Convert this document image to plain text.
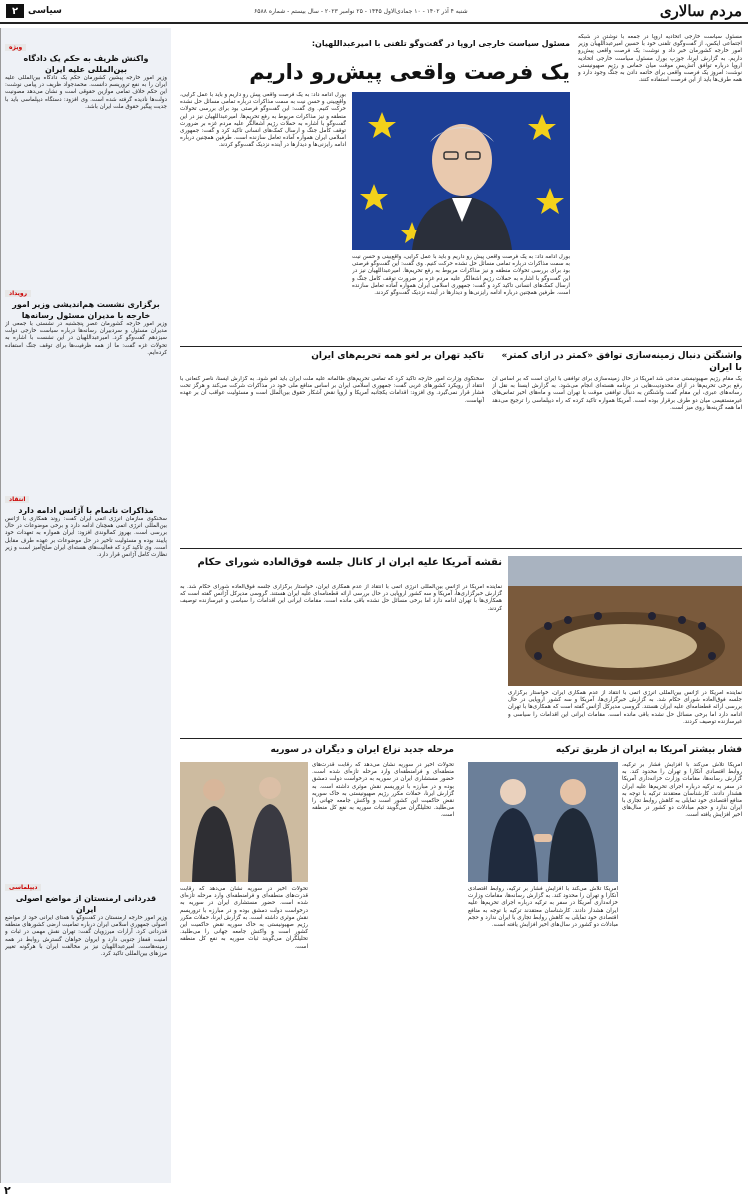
مردم سالاری
شنبه ۴ آذر ۱۴۰۲ - ۱۰ جمادی‌الاول ۱۴۴۵ - ۲۵ نوامبر ۲۰۲۳ - سال بیستم - شماره ۶۵۸۸
سیاسی
۲
مسئول سیاست خارجی اروپا در گفت‌و‌گو تلفنی با امیرعبداللهیان:
یک فرصت واقعی پیش‌رو داریم
مسئول سیاست خارجی اتحادیه اروپا در جمعه با نوشتن در شبکه اجتماعی ایکس، از گفت‌وگوی تلفنی خود با حسین امیرعبداللهیان وزیر امور خارجه کشورمان خبر داد و نوشت: یک فرصت واقعی پیش‌رو داریم. به گزارش ایرنا، جوزپ بورل مسئول سیاست خارجی اتحادیه اروپا درباره توافق آتش‌بس موقت میان حماس و رژیم صهیونیستی نوشت: امروز یک فرصت واقعی برای خاتمه دادن به جنگ وجود دارد و همه طرف‌ها باید از این فرصت استفاده کنند.
بورل ادامه داد: به یک فرصت واقعی پیش رو داریم و باید با عمل گرایی، واقع‌بینی و حسن نیت به سمت مذاکرات درباره تمامی مسائل حل نشده حرکت کنیم. وی گفت: این گفت‌وگو فرصتی بود برای بررسی تحولات منطقه و نیز مذاکرات مربوط به رفع تحریم‌ها. امیرعبداللهیان نیز در این گفت‌وگو با اشاره به حملات رژیم اشغالگر علیه مردم غزه بر ضرورت توقف کامل جنگ و ارسال کمک‌های انسانی تاکید کرد و گفت: جمهوری اسلامی ایران همواره آماده تعامل سازنده است. طرفین همچنین درباره ادامه رایزنی‌ها و دیدارها در آینده نزدیک گفت‌وگو کردند.
بورل ادامه داد: به یک فرصت واقعی پیش رو داریم و باید با عمل گرایی، واقع‌بینی و حسن نیت به سمت مذاکرات درباره تمامی مسائل حل نشده حرکت کنیم. وی گفت: این گفت‌وگو فرصتی بود برای بررسی تحولات منطقه و نیز مذاکرات مربوط به رفع تحریم‌ها. امیرعبداللهیان نیز در این گفت‌وگو با اشاره به حملات رژیم اشغالگر علیه مردم غزه بر ضرورت توقف کامل جنگ و ارسال کمک‌های انسانی تاکید کرد و گفت: جمهوری اسلامی ایران همواره آماده تعامل سازنده است. طرفین همچنین درباره ادامه رایزنی‌ها و دیدارها در آینده نزدیک گفت‌وگو کردند.
واشنگتن دنبال زمینه‌سازی توافق «کمتر در ازای کمتر» با ایران
یک مقام رژیم صهیونیستی مدعی شد آمریکا در حال زمینه‌سازی برای توافقی با ایران است که بر اساس آن رفع برخی تحریم‌ها در ازای محدودیت‌هایی در برنامه هسته‌ای انجام می‌شود. به گزارش ایسنا به نقل از رسانه‌های عبری، این مقام گفت واشنگتن به دنبال توافقی موقت با تهران است و ماه‌های اخیر تماس‌های غیرمستقیمی میان دو طرف برقرار بوده است. آمریکا همواره تاکید کرده که راه دیپلماسی را ترجیح می‌دهد اما همه گزینه‌ها روی میز است.
تاکید تهران بر لغو همه تحریم‌های ایران
سخنگوی وزارت امور خارجه تاکید کرد که تمامی تحریم‌های ظالمانه علیه ملت ایران باید لغو شود. به گزارش ایسنا، ناصر کنعانی با انتقاد از رویکرد کشورهای غربی گفت: جمهوری اسلامی ایران بر اساس منافع ملی خود در مذاکرات شرکت می‌کند و هرگز تحت فشار قرار نمی‌گیرد. وی افزود: اقدامات یکجانبه آمریکا و اروپا نقض آشکار حقوق بین‌الملل است و مسئولیت عواقب آن بر عهده آنهاست.
نقشه آمریکا علیه ایران از کانال جلسه فوق‌العاده شورای حکام
نماینده آمریکا در آژانس بین‌المللی انرژی اتمی با انتقاد از عدم همکاری ایران، خواستار برگزاری جلسه فوق‌العاده شورای حکام شد. به گزارش خبرگزاری‌ها، آمریکا و سه کشور اروپایی در حال بررسی ارائه قطعنامه‌ای علیه ایران هستند. گروسی مدیرکل آژانس گفته است که همکاری‌ها با تهران ادامه دارد اما برخی مسائل حل نشده باقی مانده است. مقامات ایرانی این اقدامات را سیاسی و غیرسازنده توصیف کردند.
نماینده آمریکا در آژانس بین‌المللی انرژی اتمی با انتقاد از عدم همکاری ایران، خواستار برگزاری جلسه فوق‌العاده شورای حکام شد. به گزارش خبرگزاری‌ها، آمریکا و سه کشور اروپایی در حال بررسی ارائه قطعنامه‌ای علیه ایران هستند. گروسی مدیرکل آژانس گفته است که همکاری‌ها با تهران ادامه دارد اما برخی مسائل حل نشده باقی مانده است. مقامات ایرانی این اقدامات را سیاسی و غیرسازنده توصیف کردند.
فشار بیشتر آمریکا به ایران از طریق ترکیه
مرحله جدید نزاع ایران و دیگران در سوریه
آمریکا تلاش می‌کند با افزایش فشار بر ترکیه، روابط اقتصادی آنکارا و تهران را محدود کند. به گزارش رسانه‌ها، مقامات وزارت خزانه‌داری آمریکا در سفر به ترکیه درباره اجرای تحریم‌ها علیه ایران هشدار دادند. کارشناسان معتقدند ترکیه با توجه به منافع اقتصادی خود تمایلی به کاهش روابط تجاری با ایران ندارد و حجم مبادلات دو کشور در سال‌های اخیر افزایش یافته است.
آمریکا تلاش می‌کند با افزایش فشار بر ترکیه، روابط اقتصادی آنکارا و تهران را محدود کند. به گزارش رسانه‌ها، مقامات وزارت خزانه‌داری آمریکا در سفر به ترکیه درباره اجرای تحریم‌ها علیه ایران هشدار دادند. کارشناسان معتقدند ترکیه با توجه به منافع اقتصادی خود تمایلی به کاهش روابط تجاری با ایران ندارد و حجم مبادلات دو کشور در سال‌های اخیر افزایش یافته است.
تحولات اخیر در سوریه نشان می‌دهد که رقابت قدرت‌های منطقه‌ای و فرامنطقه‌ای وارد مرحله تازه‌ای شده است. حضور مستشاری ایران در سوریه به درخواست دولت دمشق بوده و در مبارزه با تروریسم نقش موثری داشته است. به گزارش ایرنا، حملات مکرر رژیم صهیونیستی به خاک سوریه نقض حاکمیت این کشور است و واکنش جامعه جهانی را می‌طلبد. تحلیلگران می‌گویند ثبات سوریه به نفع کل منطقه است.
تحولات اخیر در سوریه نشان می‌دهد که رقابت قدرت‌های منطقه‌ای و فرامنطقه‌ای وارد مرحله تازه‌ای شده است. حضور مستشاری ایران در سوریه به درخواست دولت دمشق بوده و در مبارزه با تروریسم نقش موثری داشته است. به گزارش ایرنا، حملات مکرر رژیم صهیونیستی به خاک سوریه نقض حاکمیت این کشور است و واکنش جامعه جهانی را می‌طلبد. تحلیلگران می‌گویند ثبات سوریه به نفع کل منطقه است.
ویژه
واکنش ظریف به حکم یک دادگاه بین‌المللی علیه ایران
وزیر امور خارجه پیشین کشورمان حکم یک دادگاه بین‌المللی علیه ایران را به نفع تروریسم دانست. محمدجواد ظریف در پیامی نوشت: این حکم خلاف تمامی موازین حقوقی است و نشان می‌دهد مصونیت دولت‌ها نادیده گرفته شده است. وی افزود: دستگاه دیپلماسی باید با جدیت پیگیر حقوق ملت ایران باشد.
رویداد
برگزاری نشست هم‌اندیشی وزیر امور خارجه با مدیران مسئول رسانه‌ها
وزیر امور خارجه کشورمان عصر پنجشنبه در نشستی با جمعی از مدیران مسئول و سردبیران رسانه‌ها درباره سیاست خارجی دولت سیزدهم گفت‌وگو کرد. امیرعبداللهیان در این نشست با اشاره به تحولات غزه گفت: ما از همه ظرفیت‌ها برای توقف جنگ استفاده کرده‌ایم.
انتقاد
مذاکرات ناتمام با آژانس ادامه دارد
سخنگوی سازمان انرژی اتمی ایران گفت: روند همکاری با آژانس بین‌المللی انرژی اتمی همچنان ادامه دارد و برخی موضوعات در حال بررسی است. بهروز کمالوندی افزود: ایران همواره به تعهدات خود پایبند بوده و مسئولیت تاخیر در حل موضوعات بر عهده طرف مقابل است. وی تاکید کرد که فعالیت‌های هسته‌ای ایران صلح‌آمیز است و زیر نظارت کامل آژانس قرار دارد.
دیپلماسی
قدردانی ارمنستان از مواضع اصولی ایران
وزیر امور خارجه ارمنستان در گفت‌وگو با همتای ایرانی خود از مواضع اصولی جمهوری اسلامی ایران درباره تمامیت ارضی کشورهای منطقه قدردانی کرد. آرارات میرزویان گفت: تهران نقش مهمی در ثبات و امنیت قفقاز جنوبی دارد و ایروان خواهان گسترش روابط در همه زمینه‌هاست. امیرعبداللهیان نیز بر مخالفت ایران با هرگونه تغییر مرزهای بین‌المللی تاکید کرد.
۲
